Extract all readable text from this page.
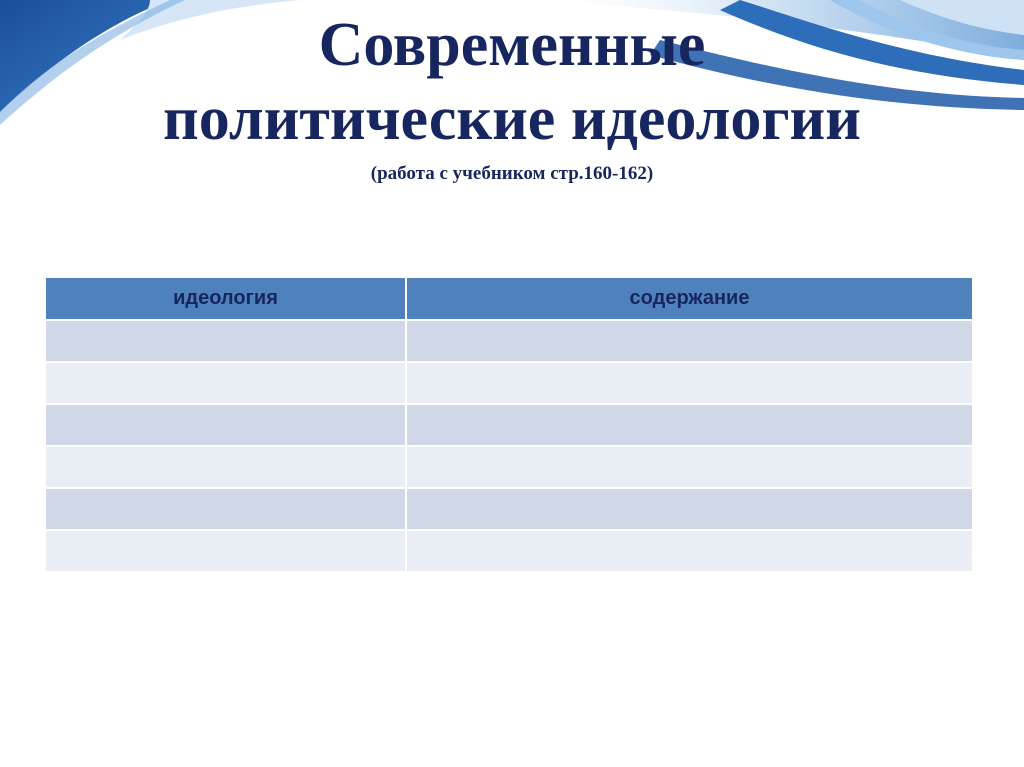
Современные
политические идеологии
(работа с учебником стр.160-162)
идеология	содержание
